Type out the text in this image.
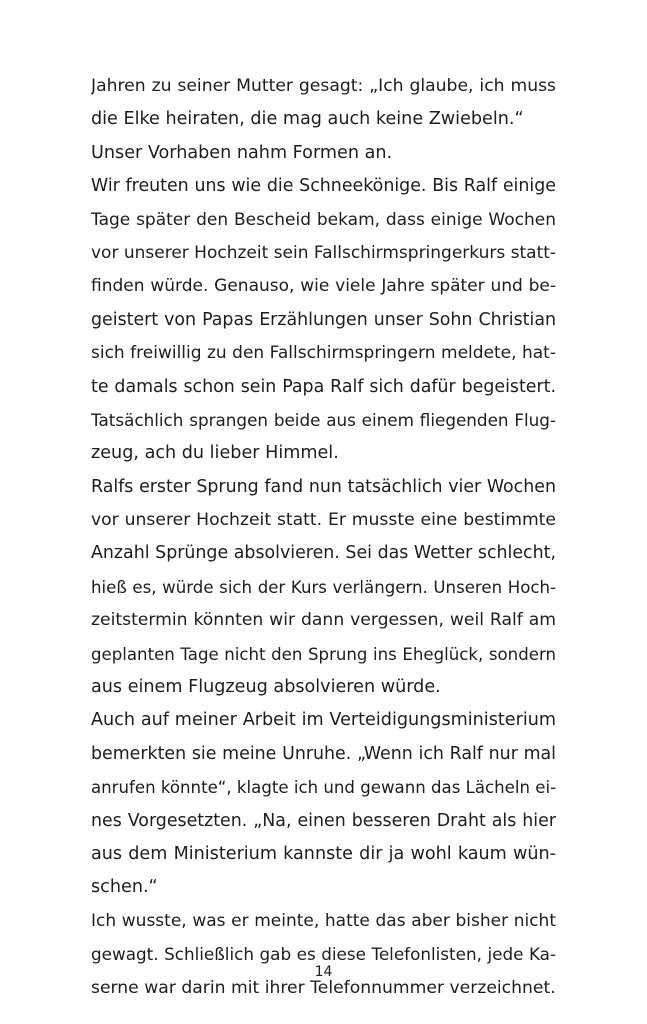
Jahren zu seiner Mutter gesagt: „Ich glaube, ich muss
die Elke heiraten, die mag auch keine Zwiebeln.“
Unser Vorhaben nahm Formen an.
Wir freuten uns wie die Schneekönige. Bis Ralf einige
Tage später den Bescheid bekam, dass einige Wochen
vor unserer Hochzeit sein Fallschirmspringerkurs statt-
finden würde. Genauso, wie viele Jahre später und be-
geistert von Papas Erzählungen unser Sohn Christian
sich freiwillig zu den Fallschirmspringern meldete, hat-
te damals schon sein Papa Ralf sich dafür begeistert.
Tatsächlich sprangen beide aus einem fliegenden Flug-
zeug, ach du lieber Himmel.
Ralfs erster Sprung fand nun tatsächlich vier Wochen
vor unserer Hochzeit statt. Er musste eine bestimmte
Anzahl Sprünge absolvieren. Sei das Wetter schlecht,
hieß es, würde sich der Kurs verlängern. Unseren Hoch-
zeitstermin könnten wir dann vergessen, weil Ralf am
geplanten Tage nicht den Sprung ins Eheglück, sondern
aus einem Flugzeug absolvieren würde.
Auch auf meiner Arbeit im Verteidigungsministerium
bemerkten sie meine Unruhe. „Wenn ich Ralf nur mal
anrufen könnte“, klagte ich und gewann das Lächeln ei-
nes Vorgesetzten. „Na, einen besseren Draht als hier
aus dem Ministerium kannste dir ja wohl kaum wün-
schen.“
Ich wusste, was er meinte, hatte das aber bisher nicht
gewagt. Schließlich gab es diese Telefonlisten, jede Ka-
serne war darin mit ihrer Telefonnummer verzeichnet.
14
